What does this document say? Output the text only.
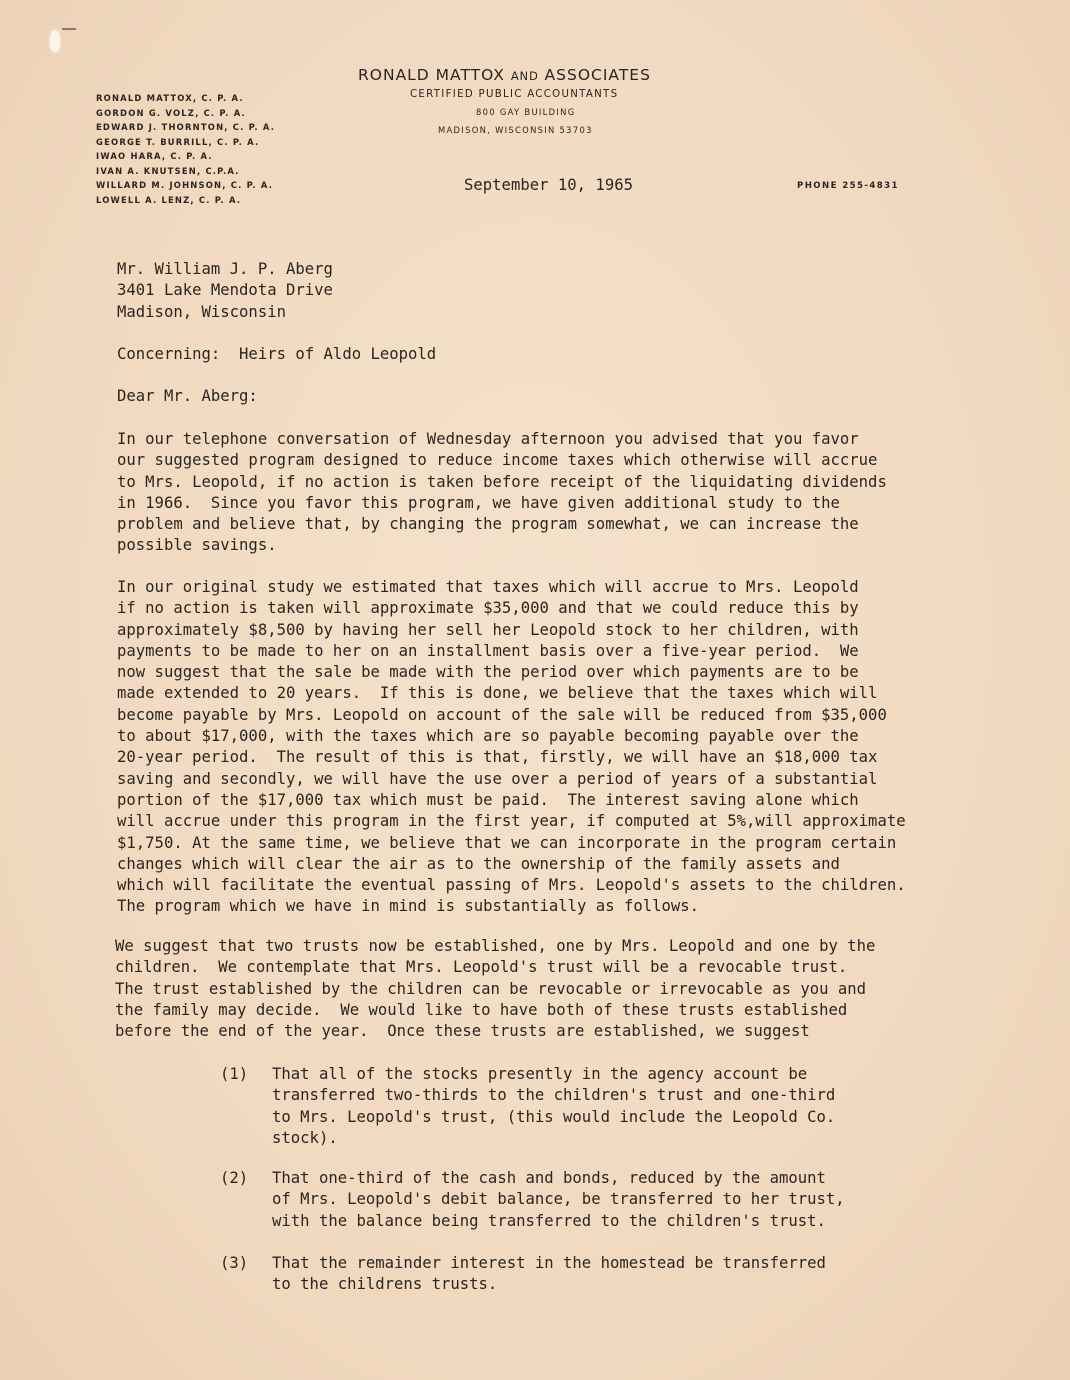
RONALD MATTOX AND ASSOCIATES
CERTIFIED PUBLIC ACCOUNTANTS
800 GAY BUILDING
MADISON, WISCONSIN 53703
RONALD MATTOX, C. P. A.
GORDON G. VOLZ, C. P. A.
EDWARD J. THORNTON, C. P. A.
GEORGE T. BURRILL, C. P. A.
IWAO HARA, C. P. A.
IVAN A. KNUTSEN, C.P.A.
WILLARD M. JOHNSON, C. P. A.
LOWELL A. LENZ, C. P. A.
PHONE 255-4831
September 10, 1965
Mr. William J. P. Aberg
3401 Lake Mendota Drive
Madison, Wisconsin
Concerning:  Heirs of Aldo Leopold
Dear Mr. Aberg:
In our telephone conversation of Wednesday afternoon you advised that you favor
our suggested program designed to reduce income taxes which otherwise will accrue
to Mrs. Leopold, if no action is taken before receipt of the liquidating dividends
in 1966.  Since you favor this program, we have given additional study to the
problem and believe that, by changing the program somewhat, we can increase the
possible savings.
In our original study we estimated that taxes which will accrue to Mrs. Leopold
if no action is taken will approximate $35,000 and that we could reduce this by
approximately $8,500 by having her sell her Leopold stock to her children, with
payments to be made to her on an installment basis over a five-year period.  We
now suggest that the sale be made with the period over which payments are to be
made extended to 20 years.  If this is done, we believe that the taxes which will
become payable by Mrs. Leopold on account of the sale will be reduced from $35,000
to about $17,000, with the taxes which are so payable becoming payable over the
20-year period.  The result of this is that, firstly, we will have an $18,000 tax
saving and secondly, we will have the use over a period of years of a substantial
portion of the $17,000 tax which must be paid.  The interest saving alone which
will accrue under this program in the first year, if computed at 5%,will approximate
$1,750. At the same time, we believe that we can incorporate in the program certain
changes which will clear the air as to the ownership of the family assets and
which will facilitate the eventual passing of Mrs. Leopold's assets to the children.
The program which we have in mind is substantially as follows.
We suggest that two trusts now be established, one by Mrs. Leopold and one by the
children.  We contemplate that Mrs. Leopold's trust will be a revocable trust.
The trust established by the children can be revocable or irrevocable as you and
the family may decide.  We would like to have both of these trusts established
before the end of the year.  Once these trusts are established, we suggest

(1)

That all of the stocks presently in the agency account be
transferred two-thirds to the children's trust and one-third
to Mrs. Leopold's trust, (this would include the Leopold Co.
stock).

(2)

That one-third of the cash and bonds, reduced by the amount
of Mrs. Leopold's debit balance, be transferred to her trust,
with the balance being transferred to the children's trust.

(3)

That the remainder interest in the homestead be transferred
to the childrens trusts.
